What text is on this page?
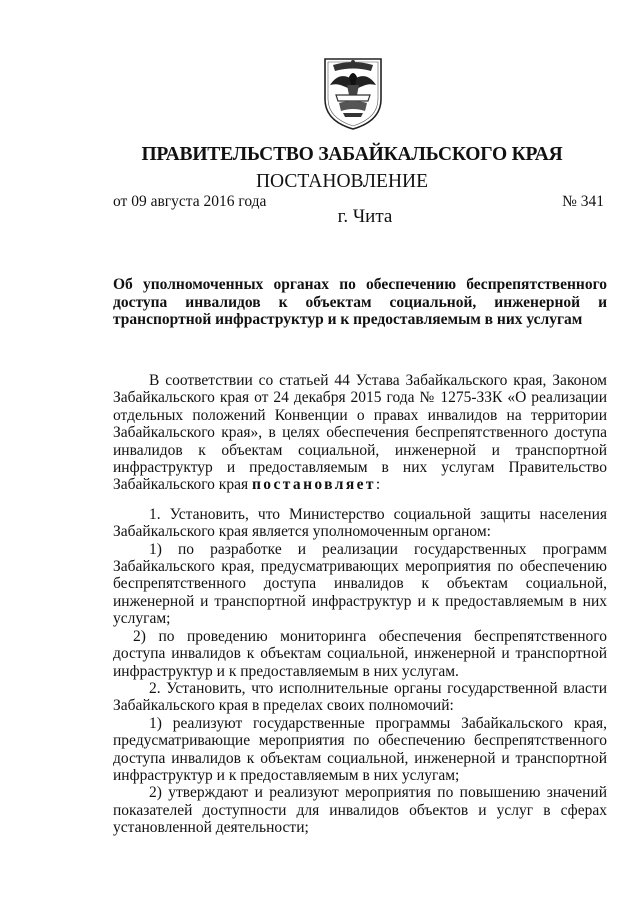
ПРАВИТЕЛЬСТВО ЗАБАЙКАЛЬСКОГО КРАЯ
ПОСТАНОВЛЕНИЕ
от 09 августа 2016 года	№ 341
г. Чита
Об уполномоченных органах по обеспечению беспрепятственного доступа инвалидов к объектам социальной, инженерной и транспортной инфраструктур и к предоставляемым в них услугам

В соответствии со статьей 44 Устава Забайкальского края, Законом Забайкальского края от 24 декабря 2015 года № 1275-ЗЗК «О реализации отдельных положений Конвенции о правах инвалидов на территории Забайкальского края», в целях обеспечения беспрепятственного доступа инвалидов к объектам социальной, инженерной и транспортной инфраструктур и предоставляемым в них услугам Правительство Забайкальского края постановляет:

1. Установить, что Министерство социальной защиты населения Забайкальского края является уполномоченным органом:

1) по разработке и реализации государственных программ Забайкальского края, предусматривающих мероприятия по обеспечению беспрепятственного доступа инвалидов к объектам социальной, инженерной и транспортной инфраструктур и к предоставляемым в них услугам;

2) по проведению мониторинга обеспечения беспрепятственного доступа инвалидов к объектам социальной, инженерной и транспортной инфраструктур и к предоставляемым в них услугам.

2. Установить, что исполнительные органы государственной власти Забайкальского края в пределах своих полномочий:

1) реализуют государственные программы Забайкальского края, предусматривающие мероприятия по обеспечению беспрепятственного доступа инвалидов к объектам социальной, инженерной и транспортной инфраструктур и к предоставляемым в них услугам;

2) утверждают и реализуют мероприятия по повышению значений показателей доступности для инвалидов объектов и услуг в сферах установленной деятельности;
